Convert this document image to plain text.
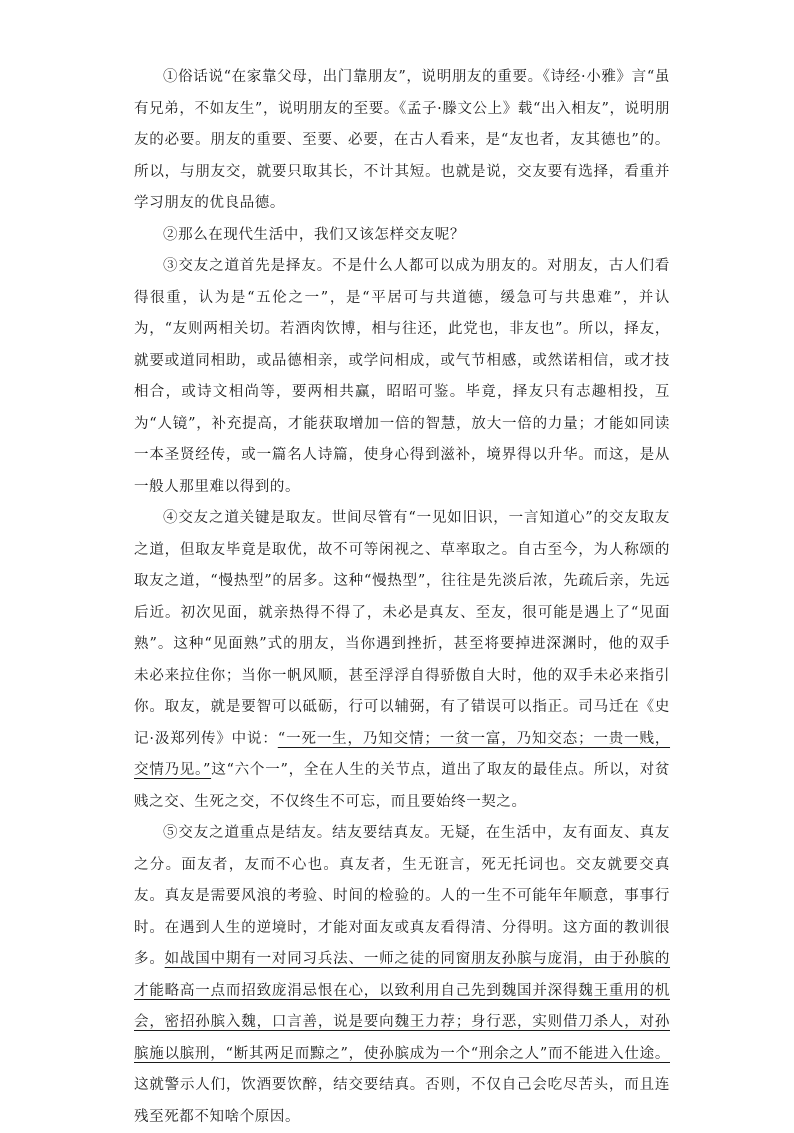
①俗话说“在家靠父母，出门靠朋友”，说明朋友的重要。《诗经·小雅》言“虽有兄弟，不如友生”，说明朋友的至要。《孟子·滕文公上》载“出入相友”，说明朋友的必要。朋友的重要、至要、必要，在古人看来，是“友也者，友其德也”的。所以，与朋友交，就要只取其长，不计其短。也就是说，交友要有选择，看重并学习朋友的优良品德。

②那么在现代生活中，我们又该怎样交友呢？

③交友之道首先是择友。不是什么人都可以成为朋友的。对朋友，古人们看得很重，认为是“五伦之一”，是“平居可与共道德，缓急可与共患难”，并认为，“友则两相关切。若酒肉饮博，相与往还，此党也，非友也”。所以，择友，就要或道同相助，或品德相亲，或学问相成，或气节相感，或然诺相信，或才技相合，或诗文相尚等，要两相共赢，昭昭可鉴。毕竟，择友只有志趣相投，互为“人镜”，补充提高，才能获取增加一倍的智慧，放大一倍的力量；才能如同读一本圣贤经传，或一篇名人诗篇，使身心得到滋补，境界得以升华。而这，是从一般人那里难以得到的。

④交友之道关键是取友。世间尽管有“一见如旧识，一言知道心”的交友取友之道，但取友毕竟是取优，故不可等闲视之、草率取之。自古至今，为人称颂的取友之道，“慢热型”的居多。这种“慢热型”，往往是先淡后浓，先疏后亲，先远后近。初次见面，就亲热得不得了，未必是真友、至友，很可能是遇上了“见面熟”。这种“见面熟”式的朋友，当你遇到挫折，甚至将要掉进深渊时，他的双手未必来拉住你；当你一帆风顺，甚至浮浮自得骄傲自大时，他的双手未必来指引你。取友，就是要智可以砥砺，行可以辅弼，有了错误可以指正。司马迁在《史记·汲郑列传》中说：“一死一生，乃知交情；一贫一富，乃知交态；一贵一贱，交情乃见。”这“六个一”，全在人生的关节点，道出了取友的最佳点。所以，对贫贱之交、生死之交，不仅终生不可忘，而且要始终一契之。

⑤交友之道重点是结友。结友要结真友。无疑，在生活中，友有面友、真友之分。面友者，友而不心也。真友者，生无诳言，死无托词也。交友就要交真友。真友是需要风浪的考验、时间的检验的。人的一生不可能年年顺意，事事行时。在遇到人生的逆境时，才能对面友或真友看得清、分得明。这方面的教训很多。如战国中期有一对同习兵法、一师之徒的同窗朋友孙膑与庞涓，由于孙膑的才能略高一点而招致庞涓忌恨在心，以致利用自己先到魏国并深得魏王重用的机会，密招孙膑入魏，口言善，说是要向魏王力荐；身行恶，实则借刀杀人，对孙膑施以膑刑，“断其两足而黥之”，使孙膑成为一个“刑余之人”而不能进入仕途。这就警示人们，饮酒要饮醉，结交要结真。否则，不仅自己会吃尽苦头，而且连残至死都不知啥个原因。
